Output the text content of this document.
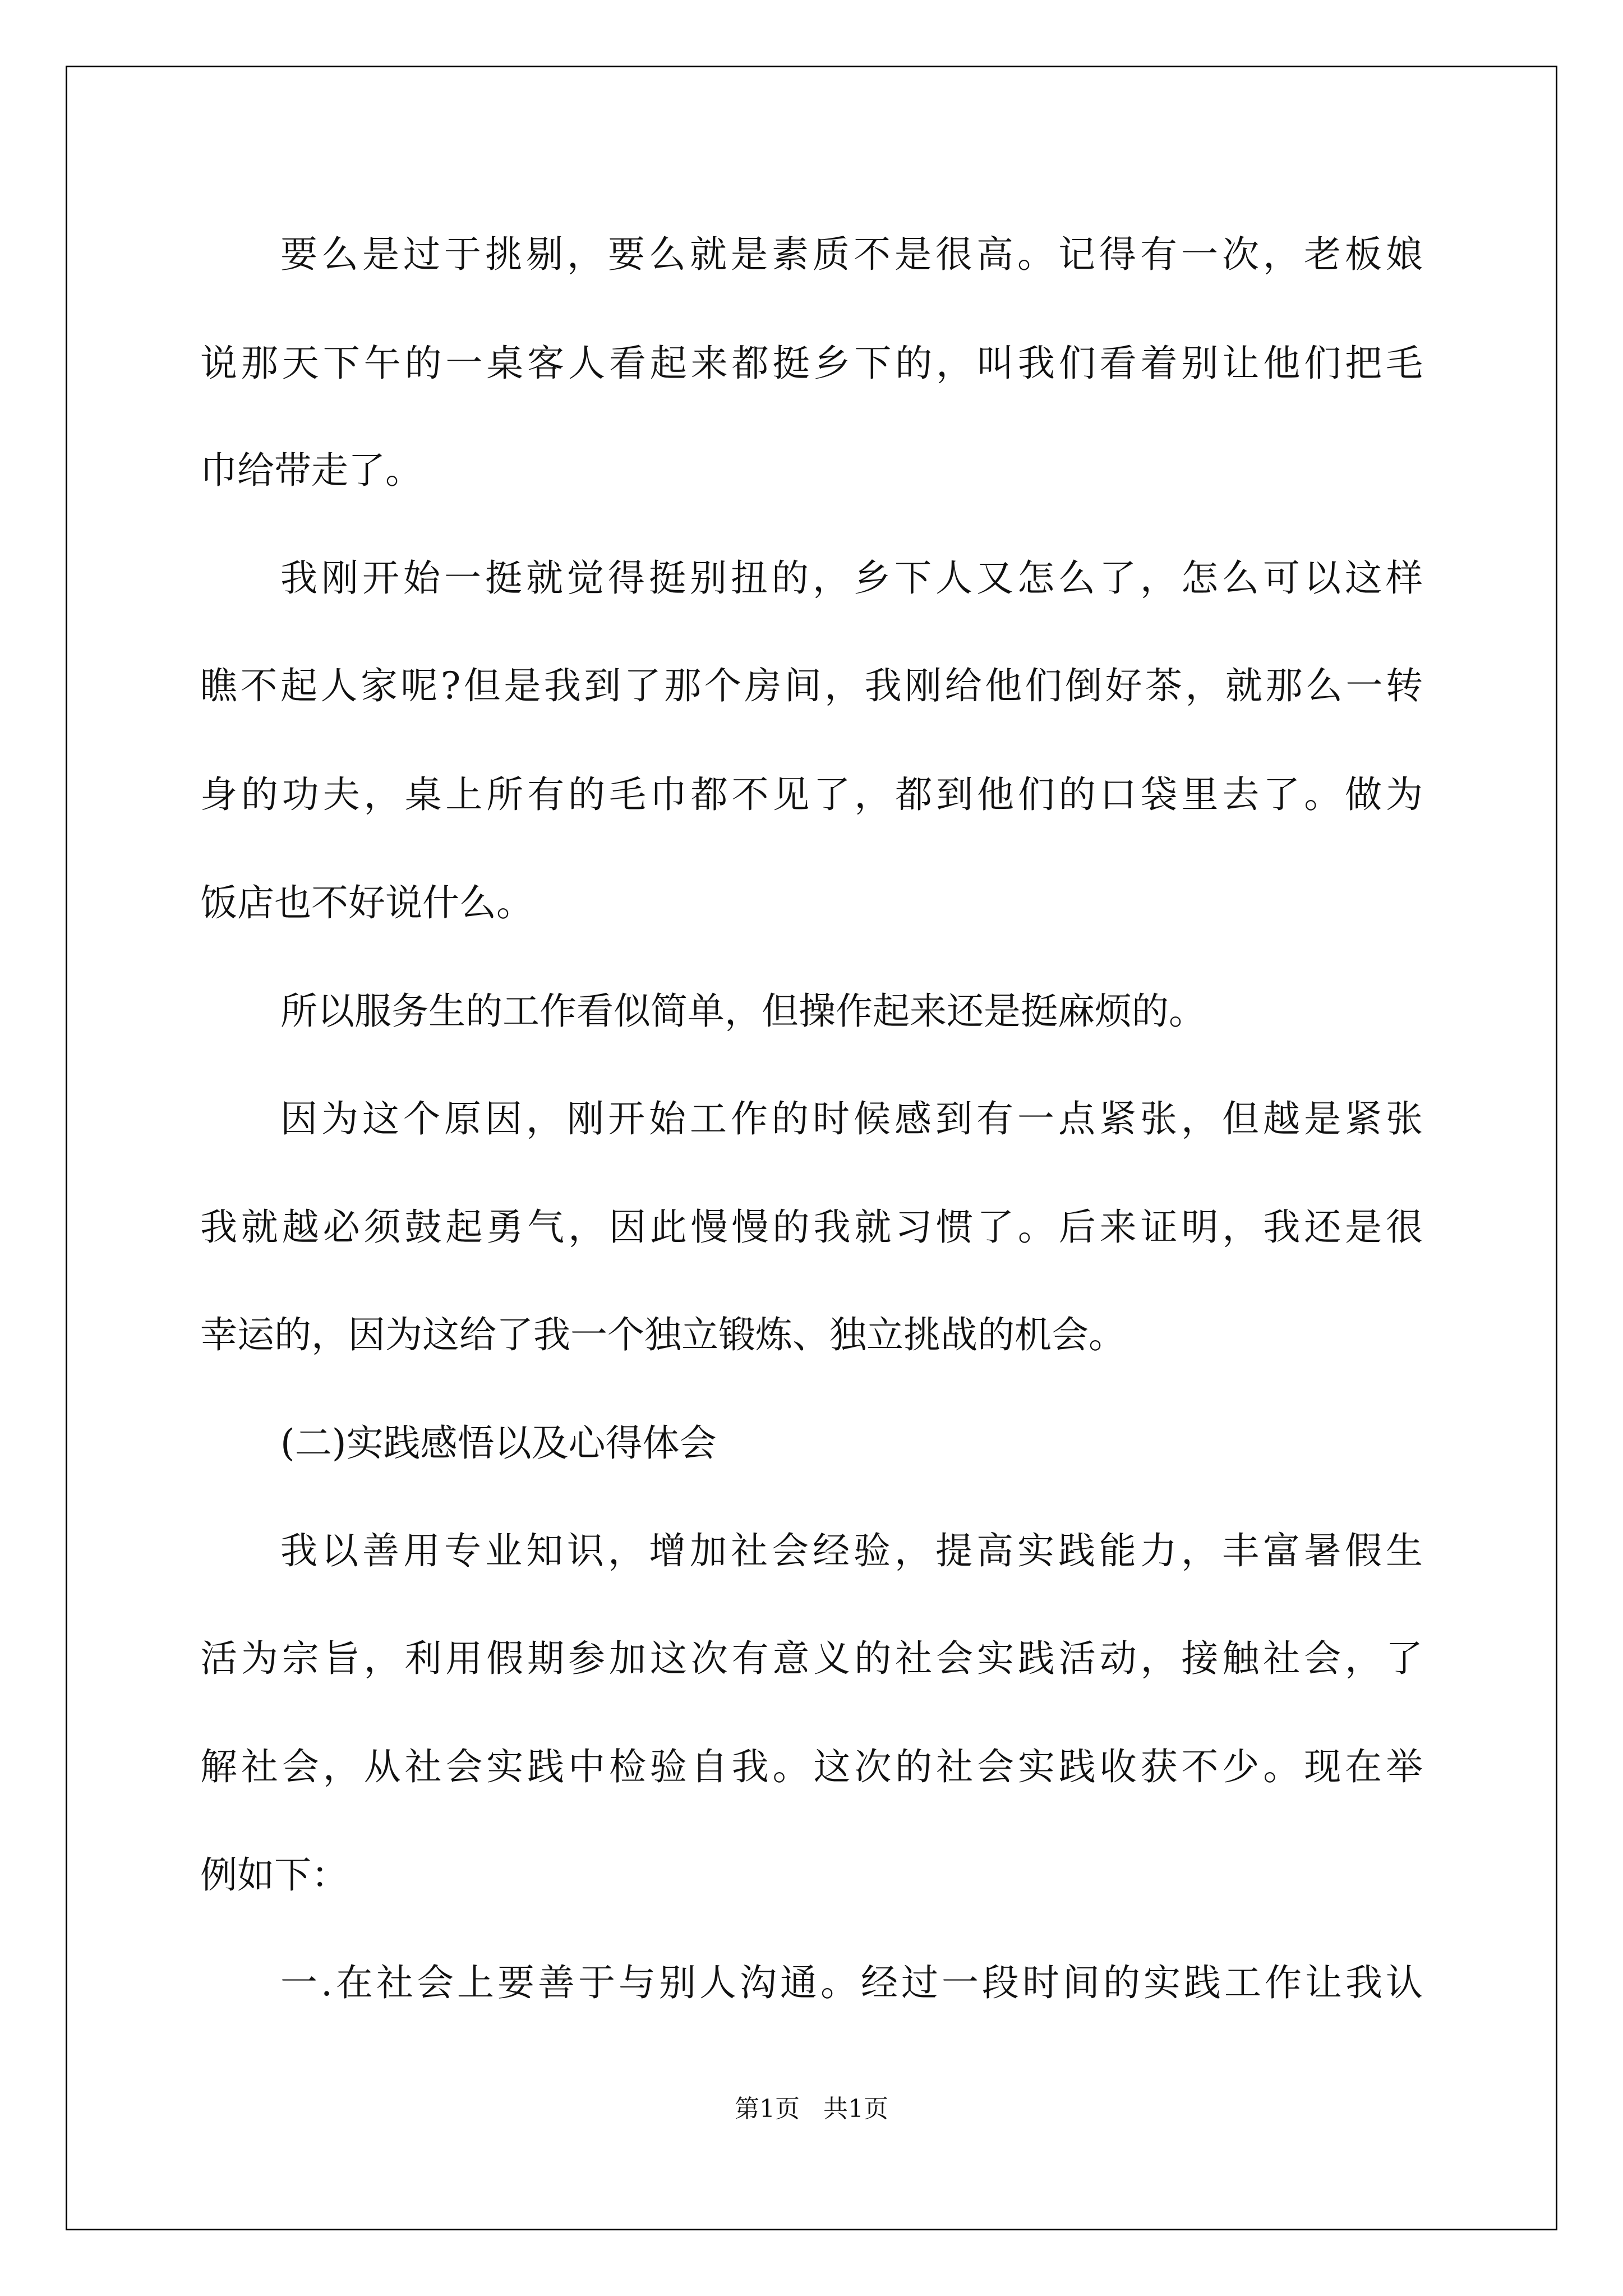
要么是过于挑剔，要么就是素质不是很高。记得有一次，老板娘
说那天下午的一桌客人看起来都挺乡下的，叫我们看着别让他们把毛
巾给带走了。
我刚开始一挺就觉得挺别扭的，乡下人又怎么了，怎么可以这样
瞧不起人家呢?但是我到了那个房间，我刚给他们倒好茶，就那么一转
身的功夫，桌上所有的毛巾都不见了，都到他们的口袋里去了。做为
饭店也不好说什么。
所以服务生的工作看似简单，但操作起来还是挺麻烦的。
因为这个原因，刚开始工作的时候感到有一点紧张，但越是紧张
我就越必须鼓起勇气，因此慢慢的我就习惯了。后来证明，我还是很
幸运的，因为这给了我一个独立锻炼、独立挑战的机会。
(二)实践感悟以及心得体会
我以善用专业知识，增加社会经验，提高实践能力，丰富暑假生
活为宗旨，利用假期参加这次有意义的社会实践活动，接触社会，了
解社会，从社会实践中检验自我。这次的社会实践收获不少。现在举
例如下：
一.在社会上要善于与别人沟通。经过一段时间的实践工作让我认
第1页   共1页
